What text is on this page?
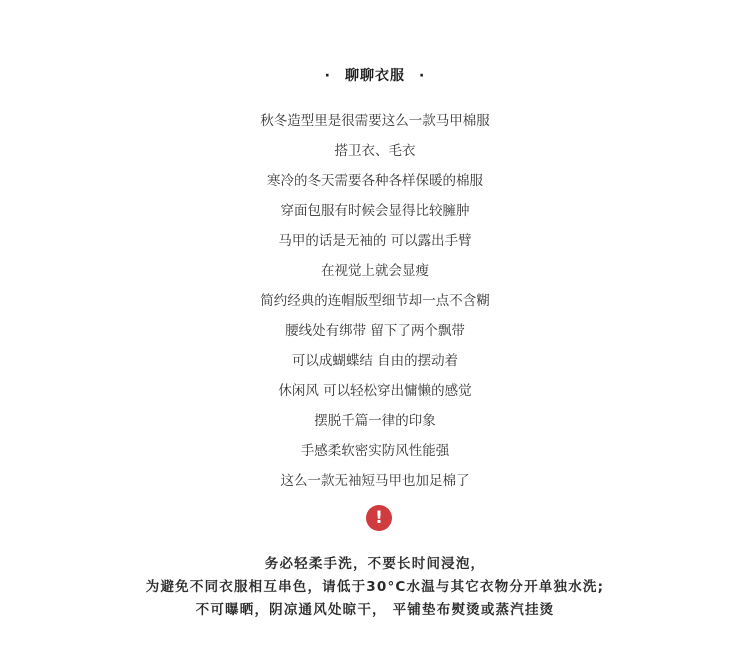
· 聊聊衣服 ·
秋冬造型里是很需要这么一款马甲棉服
搭卫衣、毛衣
寒冷的冬天需要各种各样保暖的棉服
穿面包服有时候会显得比较臃肿
马甲的话是无袖的 可以露出手臂
在视觉上就会显瘦
简约经典的连帽版型细节却一点不含糊
腰线处有绑带 留下了两个飘带
可以成蝴蝶结 自由的摆动着
休闲风 可以轻松穿出慵懒的感觉
摆脱千篇一律的印象
手感柔软密实防风性能强
这么一款无袖短马甲也加足棉了
!
务必轻柔手洗，不要长时间浸泡，
为避免不同衣服相互串色，请低于30°C水温与其它衣物分开单独水洗;
不可曝晒，阴凉通风处晾干， 平铺垫布熨烫或蒸汽挂烫
